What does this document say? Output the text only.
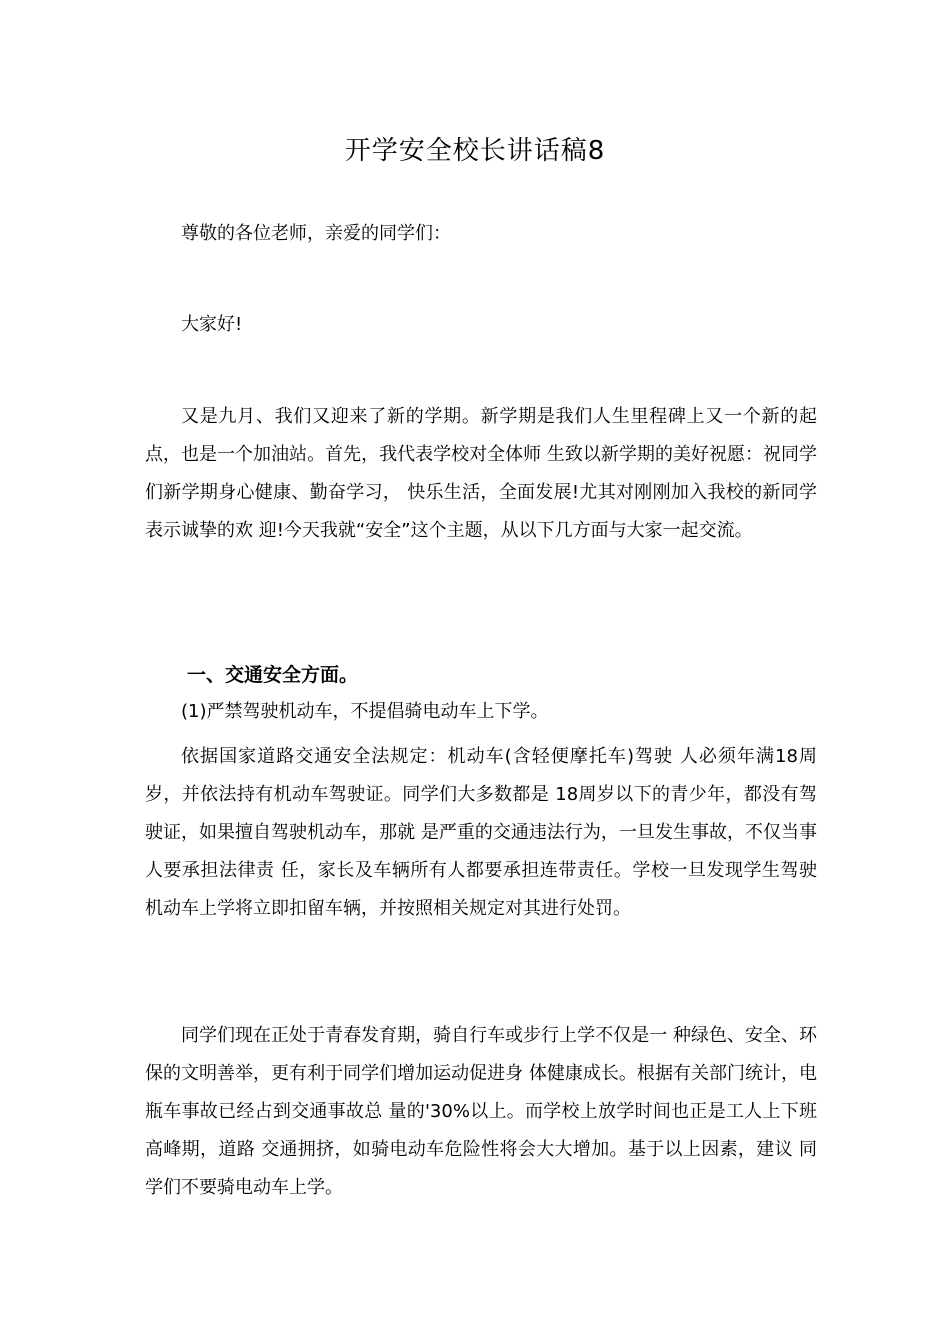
开学安全校长讲话稿8

尊敬的各位老师，亲爱的同学们：

大家好!

又是九月、我们又迎来了新的学期。新学期是我们人生里程碑上又一个新的起点，也是一个加油站。首先，我代表学校对全体师 生致以新学期的美好祝愿：祝同学们新学期身心健康、勤奋学习， 快乐生活，全面发展!尤其对刚刚加入我校的新同学表示诚挚的欢 迎!今天我就“安全”这个主题，从以下几方面与大家一起交流。

一、交通安全方面。

(1)严禁驾驶机动车，不提倡骑电动车上下学。

依据国家道路交通安全法规定：机动车(含轻便摩托车)驾驶 人必须年满18周岁，并依法持有机动车驾驶证。同学们大多数都是 18周岁以下的青少年，都没有驾驶证，如果擅自驾驶机动车，那就 是严重的交通违法行为，一旦发生事故，不仅当事人要承担法律责 任，家长及车辆所有人都要承担连带责任。学校一旦发现学生驾驶 机动车上学将立即扣留车辆，并按照相关规定对其进行处罚。

同学们现在正处于青春发育期，骑自行车或步行上学不仅是一 种绿色、安全、环保的文明善举，更有利于同学们增加运动促进身 体健康成长。根据有关部门统计，电瓶车事故已经占到交通事故总 量的'30%以上。而学校上放学时间也正是工人上下班高峰期，道路 交通拥挤，如骑电动车危险性将会大大增加。基于以上因素，建议 同学们不要骑电动车上学。
